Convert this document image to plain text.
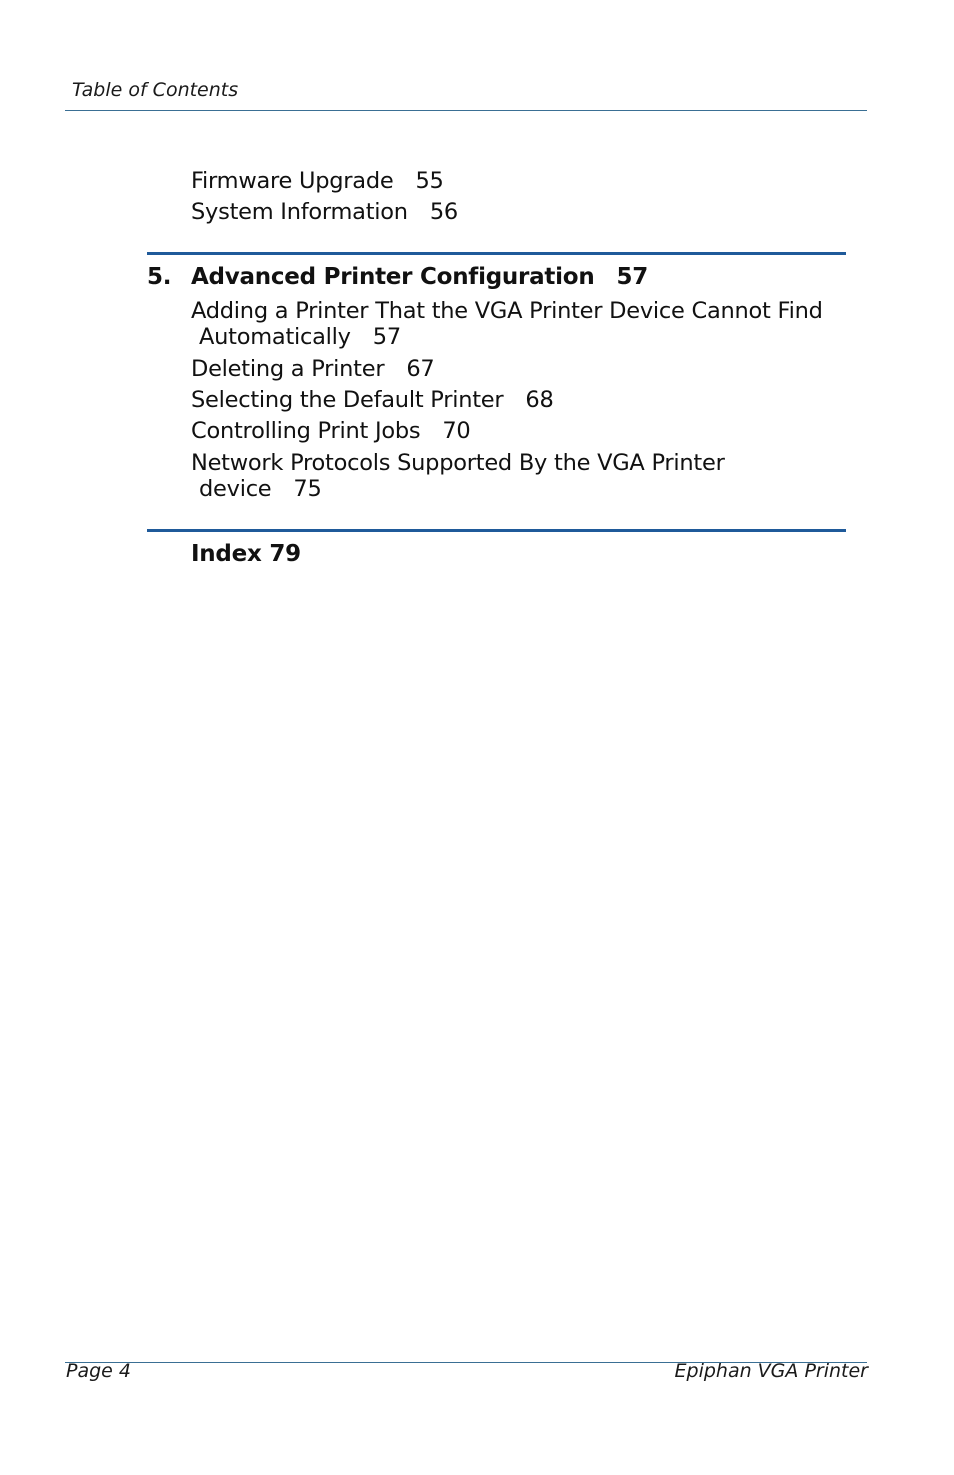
Table of Contents
Firmware Upgrade 55
System Information 56
5. Advanced Printer Configuration 57
Adding a Printer That the VGA Printer Device Cannot Find
Automatically 57
Deleting a Printer 67
Selecting the Default Printer 68
Controlling Print Jobs 70
Network Protocols Supported By the VGA Printer
device 75
Index 79
Page 4	Epiphan VGA Printer
